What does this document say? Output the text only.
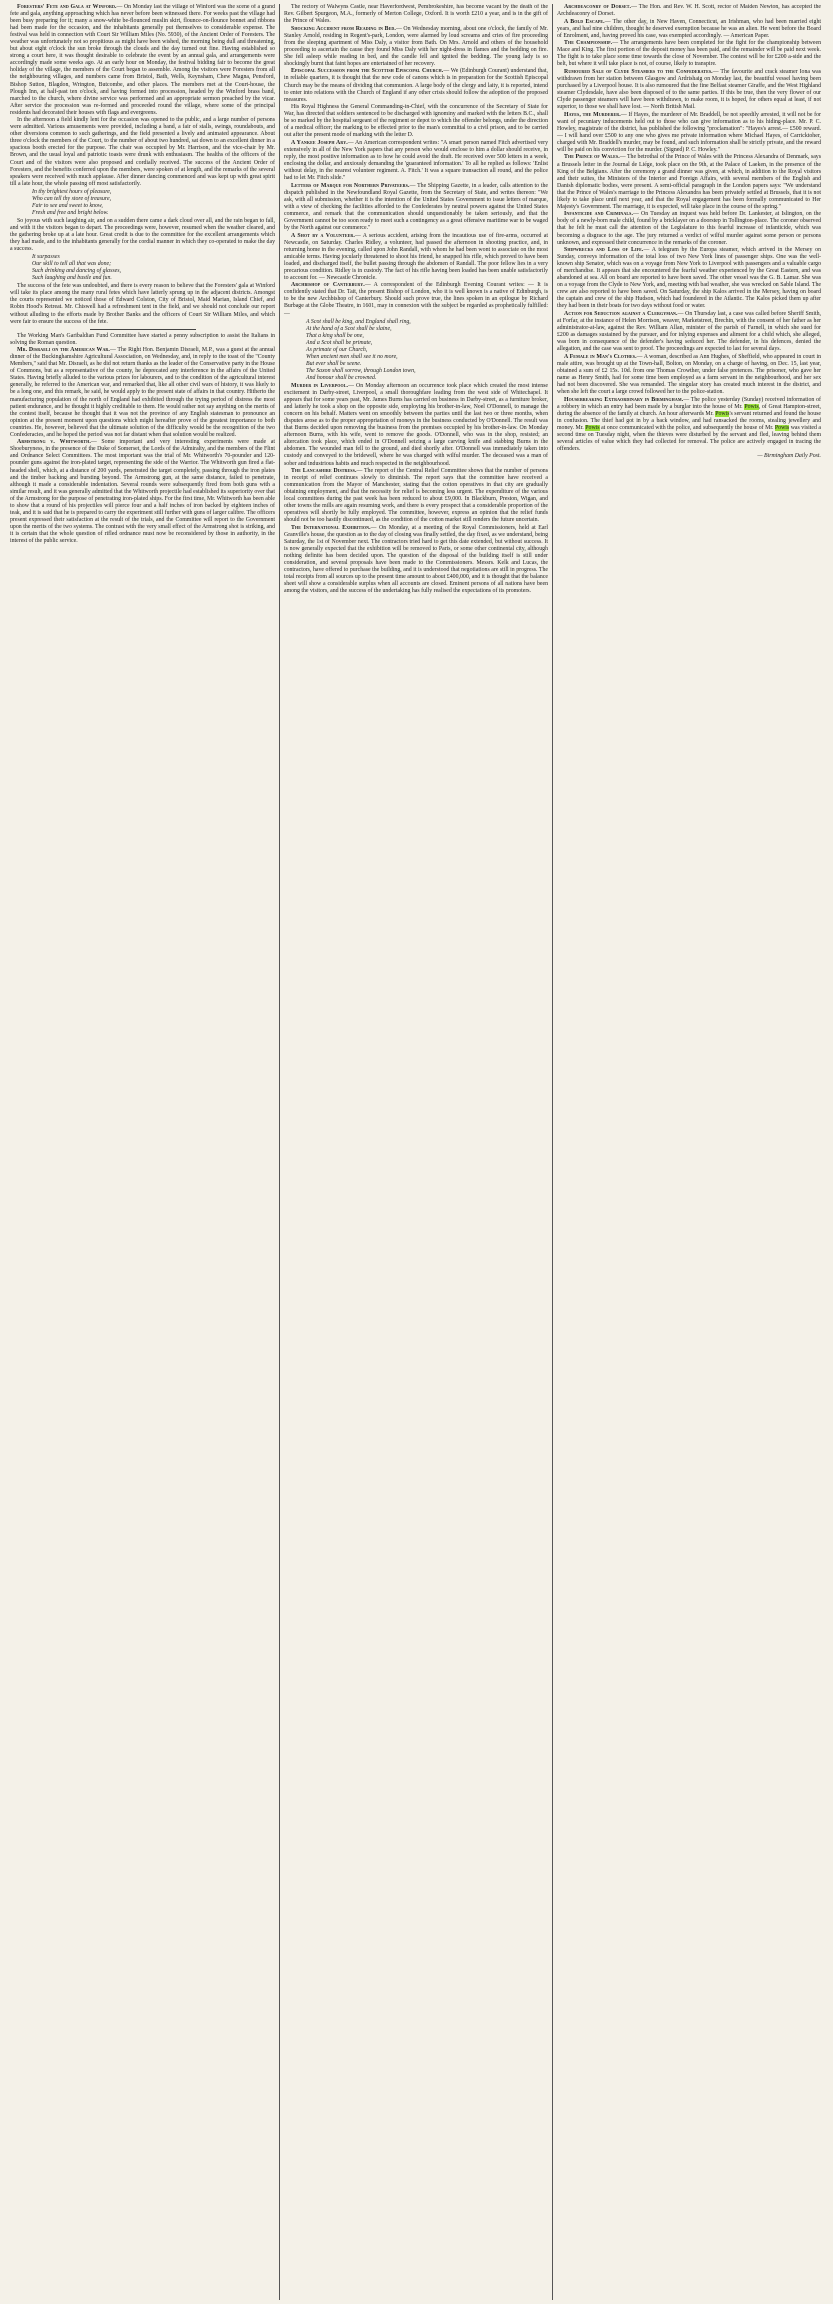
Foresters' Fete and Gala at Winford.— On Monday last the village of Winford was the scene of a grand fete and gala, anything approaching which has never before been witnessed there. For weeks past the village had been busy preparing for it; many a snow-white be-flounced muslin skirt, flounce-on-flounce bonnet and ribbons had been made for the occasion, and the inhabitants generally put themselves to considerable expense. The festival was held in connection with Court Sir William Miles (No. 5930), of the Ancient Order of Foresters. The weather was unfortunately not so propitious as might have been wished, the morning being dull and threatening, but about eight o'clock the sun broke through the clouds and the day turned out fine. Having established so strong a court here, it was thought desirable to celebrate the event by an annual gala, and arrangements were accordingly made some weeks ago. At an early hour on Monday, the festival bidding fair to become the great holiday of the village, the members of the Court began to assemble. Among the visitors were Foresters from all the neighbouring villages, and numbers came from Bristol, Bath, Wells, Keynsham, Chew Magna, Pensford, Bishop Sutton, Blagdon, Wrington, Butcombe, and other places. The members met at the Court-house, the Plough Inn, at half-past ten o'clock, and having formed into procession, headed by the Winford brass band, marched to the church, where divine service was performed and an appropriate sermon preached by the vicar. After service the procession was re-formed and proceeded round the village, where some of the principal residents had decorated their houses with flags and evergreens.

In the afternoon a field kindly lent for the occasion was opened to the public, and a large number of persons were admitted. Various amusements were provided, including a band, a fair of stalls, swings, roundabouts, and other diversions common to such gatherings, and the field presented a lively and animated appearance. About three o'clock the members of the Court, to the number of about two hundred, sat down to an excellent dinner in a spacious booth erected for the purpose. The chair was occupied by Mr. Harrison, and the vice-chair by Mr. Brown, and the usual loyal and patriotic toasts were drunk with enthusiasm. The healths of the officers of the Court and of the visitors were also proposed and cordially received. The success of the Ancient Order of Foresters, and the benefits conferred upon the members, were spoken of at length, and the remarks of the several speakers were received with much applause. After dinner dancing commenced and was kept up with great spirit till a late hour, the whole passing off most satisfactorily.

In thy brightest hours of pleasure,
Who can tell thy store of treasure,
Fair to see and sweet to know,
Fresh and free and bright below.

So joyous with such laughing air, and on a sudden there came a dark cloud over all, and the rain began to fall, and with it the visitors began to depart. The proceedings were, however, resumed when the weather cleared, and the gathering broke up at a late hour. Great credit is due to the committee for the excellent arrangements which they had made, and to the inhabitants generally for the cordial manner in which they co-operated to make the day a success.

It surpasses
Our skill to tell all that was done;
Such drinking and dancing of glasses,
Such laughing and bustle and fun.

The success of the fete was undoubted, and there is every reason to believe that the Foresters' gala at Winford will take its place among the many rural fetes which have latterly sprung up in the adjacent districts. Amongst the courts represented we noticed those of Edward Colston, City of Bristol, Maid Marian, Island Chief, and Robin Hood's Retreat. Mr. Chiswell had a refreshment tent in the field, and we should not conclude our report without alluding to the efforts made by Brother Banks and the officers of Court Sir William Miles, and which were fair to ensure the success of the fete.

The Working Man's Garibaldian Fund Committee have started a penny subscription to assist the Italians in solving the Roman question.

Mr. Disraeli on the American War.— The Right Hon. Benjamin Disraeli, M.P., was a guest at the annual dinner of the Buckinghamshire Agricultural Association, on Wednesday, and, in reply to the toast of the "County Members," said that Mr. Disraeli, as he did not return thanks as the leader of the Conservative party in the House of Commons, but as a representative of the county, he deprecated any interference in the affairs of the United States. Having briefly alluded to the various prizes for labourers, and to the condition of the agricultural interest generally, he referred to the American war, and remarked that, like all other civil wars of history, it was likely to be a long one, and this remark, he said, he would apply to the present state of affairs in that country. Hitherto the manufacturing population of the north of England had exhibited through the trying period of distress the most patient endurance, and he thought it highly creditable to them. He would rather not say anything on the merits of the contest itself, because he thought that it was not the province of any English statesman to pronounce an opinion at the present moment upon questions which might hereafter prove of the greatest importance to both countries. He, however, believed that the ultimate solution of the difficulty would be the recognition of the two Confederacies, and he hoped the period was not far distant when that solution would be realized.

Armstrong v. Whitworth.— Some important and very interesting experiments were made at Shoeburyness, in the presence of the Duke of Somerset, the Lords of the Admiralty, and the members of the Flint and Ordnance Select Committees. The most important was the trial of Mr. Whitworth's 70-pounder and 120-pounder guns against the iron-plated target, representing the side of the Warrior. The Whitworth gun fired a flat-headed shell, which, at a distance of 200 yards, penetrated the target completely, passing through the iron plates and the timber backing and bursting beyond. The Armstrong gun, at the same distance, failed to penetrate, although it made a considerable indentation. Several rounds were subsequently fired from both guns with a similar result, and it was generally admitted that the Whitworth projectile had established its superiority over that of the Armstrong for the purpose of penetrating iron-plated ships. For the first time, Mr. Whitworth has been able to show that a round of his projectiles will pierce four and a half inches of iron backed by eighteen inches of teak, and it is said that he is prepared to carry the experiment still further with guns of larger calibre. The officers present expressed their satisfaction at the result of the trials, and the Committee will report to the Government upon the merits of the two systems. The contrast with the very small effect of the Armstrong shot is striking, and it is certain that the whole question of rifled ordnance must now be reconsidered by those in authority, in the interest of the public service.

The rectory of Walwyns Castle, near Haverfordwest, Pembrokeshire, has become vacant by the death of the Rev. Gilbert Spurgeon, M.A., formerly of Merton College, Oxford. It is worth £210 a year, and is in the gift of the Prince of Wales.

Shocking Accident from Reading in Bed.— On Wednesday morning, about one o'clock, the family of Mr. Stanley Arnold, residing in Regent's-park, London, were alarmed by loud screams and cries of fire proceeding from the sleeping apartment of Miss Daly, a visitor from Bath. On Mrs. Arnold and others of the household proceeding to ascertain the cause they found Miss Daly with her night-dress in flames and the bedding on fire. She fell asleep while reading in bed, and the candle fell and ignited the bedding. The young lady is so shockingly burnt that faint hopes are entertained of her recovery.

Episcopal Succession from the Scottish Episcopal Church.— We (Edinburgh Courant) understand that, in reliable quarters, it is thought that the new code of canons which is in preparation for the Scottish Episcopal Church may be the means of dividing that communion. A large body of the clergy and laity, it is reported, intend to enter into relations with the Church of England if any other crisis should follow the adoption of the proposed measures.

His Royal Highness the General Commanding-in-Chief, with the concurrence of the Secretary of State for War, has directed that soldiers sentenced to be discharged with ignominy and marked with the letters B.C., shall be so marked by the hospital sergeant of the regiment or depot to which the offender belongs, under the direction of a medical officer; the marking to be effected prior to the man's committal to a civil prison, and to be carried out after the present mode of marking with the letter D.

A Yankee Joseph Ary.— An American correspondent writes: "A smart person named Fitch advertised very extensively in all of the New York papers that any person who would enclose to him a dollar should receive, in reply, the most positive information as to how he could avoid the draft. He received over 500 letters in a week, enclosing the dollar, and anxiously demanding the 'guaranteed information.' To all he replied as follows: 'Enlist without delay, in the nearest volunteer regiment. A. Fitch.' It was a square transaction all round, and the police had to let Mr. Fitch slide."

Letters of Marque for Northern Privateers.— The Shipping Gazette, in a leader, calls attention to the dispatch published in the Newfoundland Royal Gazette, from the Secretary of State, and writes thereon: "We ask, with all submission, whether it is the intention of the United States Government to issue letters of marque, with a view of checking the facilities afforded to the Confederates by neutral powers against the United States commerce, and remark that the communication should unquestionably be taken seriously, and that the Government cannot be too soon ready to meet such a contingency as a great offensive maritime war to be waged by the North against our commerce."

A Shot by a Volunteer.— A serious accident, arising from the incautious use of fire-arms, occurred at Newcastle, on Saturday. Charles Ridley, a volunteer, had passed the afternoon in shooting practice, and, in returning home in the evening, called upon John Randall, with whom he had been wont to associate on the most amicable terms. Having jocularly threatened to shoot his friend, he snapped his rifle, which proved to have been loaded, and discharged itself, the bullet passing through the abdomen of Randall. The poor fellow lies in a very precarious condition. Ridley is in custody. The fact of his rifle having been loaded has been unable satisfactorily to account for. — Newcastle Chronicle.

Archbishop of Canterbury.— A correspondent of the Edinburgh Evening Courant writes: — It is confidently stated that Dr. Tait, the present Bishop of London, who it is well known is a native of Edinburgh, is to be the new Archbishop of Canterbury. Should such prove true, the lines spoken in an epilogue by Richard Burbage at the Globe Theatre, in 1601, may in connexion with the subject be regarded as prophetically fulfilled: —

A Scot shall be king, and England shall ring,
At the hand of a Scot shall be slaine,
That a king shall be one,
And a Scot shall be primate,
As primate of our Church,
When ancient men shall see it no more,
But ever shall be seene.
The Saxon shall sorrow, through London town,
And honour shall be crowned.

Murder in Liverpool.— On Monday afternoon an occurrence took place which created the most intense excitement in Darby-street, Liverpool, a small thoroughfare leading from the west side of Whitechapel. It appears that for some years past, Mr. James Burns has carried on business in Darby-street, as a furniture broker, and latterly he took a shop on the opposite side, employing his brother-in-law, Noel O'Donnell, to manage the concern on his behalf. Matters went on smoothly between the parties until the last two or three months, when disputes arose as to the proper appropriation of moneys in the business conducted by O'Donnell. The result was that Burns decided upon removing the business from the premises occupied by his brother-in-law. On Monday afternoon Burns, with his wife, went to remove the goods. O'Donnell, who was in the shop, resisted; an altercation took place, which ended in O'Donnell seizing a large carving knife and stabbing Burns in the abdomen. The wounded man fell to the ground, and died shortly after. O'Donnell was immediately taken into custody and conveyed to the bridewell, where he was charged with wilful murder. The deceased was a man of sober and industrious habits and much respected in the neighbourhood.

The Lancashire Distress.— The report of the Central Relief Committee shows that the number of persons in receipt of relief continues slowly to diminish. The report says that the committee have received a communication from the Mayor of Manchester, stating that the cotton operatives in that city are gradually obtaining employment, and that the necessity for relief is becoming less urgent. The expenditure of the various local committees during the past week has been reduced to about £9,000. In Blackburn, Preston, Wigan, and other towns the mills are again resuming work, and there is every prospect that a considerable proportion of the operatives will shortly be fully employed. The committee, however, express an opinion that the relief funds should not be too hastily discontinued, as the condition of the cotton market still renders the future uncertain.

The International Exhibition.— On Monday, at a meeting of the Royal Commissioners, held at Earl Granville's house, the question as to the day of closing was finally settled, the day fixed, as we understand, being Saturday, the 1st of November next. The contractors tried hard to get this date extended, but without success. It is now generally expected that the exhibition will be removed to Paris, or some other continental city, although nothing definite has been decided upon. The question of the disposal of the building itself is still under consideration, and several proposals have been made to the Commissioners. Messrs. Kelk and Lucas, the contractors, have offered to purchase the building, and it is understood that negotiations are still in progress. The total receipts from all sources up to the present time amount to about £400,000, and it is thought that the balance sheet will show a considerable surplus when all accounts are closed. Eminent persons of all nations have been among the visitors, and the success of the undertaking has fully realised the expectations of its promoters.

Archdeaconry of Dorset.— The Hon. and Rev. W. H. Scott, rector of Maiden Newton, has accepted the Archdeaconry of Dorset.

A Bold Escape.— The other day, in New Haven, Connecticut, an Irishman, who had been married eight years, and had nine children, thought he deserved exemption because he was an alien. He went before the Board of Enrolment, and, having proved his case, was exempted accordingly. — American Paper.

The Championship.— The arrangements have been completed for the fight for the championship between Mace and King. The first portion of the deposit money has been paid, and the remainder will be paid next week. The fight is to take place some time towards the close of November. The contest will be for £200 a-side and the belt, but where it will take place is not, of course, likely to transpire.

Rumoured Sale of Clyde Steamers to the Confederates.— The favourite and crack steamer Iona was withdrawn from her station between Glasgow and Ardrishaig on Monday last, the beautiful vessel having been purchased by a Liverpool house. It is also rumoured that the fine Belfast steamer Giraffe, and the West Highland steamer Clydesdale, have also been disposed of to the same parties. If this be true, then the very flower of our Clyde passenger steamers will have been withdrawn, to make room, it is hoped, for others equal at least, if not superior, to those we shall have lost. — North British Mail.

Hayes, the Murderer.— If Hayes, the murderer of Mr. Braddell, be not speedily arrested, it will not be for want of pecuniary inducements held out to those who can give information as to his hiding-place. Mr. P. C. Howley, magistrate of the district, has published the following "proclamation": "Hayes's arrest.— £500 reward.— I will hand over £500 to any one who gives me private information where Michael Hayes, of Carricktoher, charged with Mr. Braddell's murder, may be found, and such information shall be strictly private, and the reward will be paid on his conviction for the murder. (Signed) P. C. Howley."

The Prince of Wales.— The betrothal of the Prince of Wales with the Princess Alexandra of Denmark, says a Brussels letter in the Journal de Liége, took place on the 9th, at the Palace of Laeken, in the presence of the King of the Belgians. After the ceremony a grand dinner was given, at which, in addition to the Royal visitors and their suites, the Ministers of the Interior and Foreign Affairs, with several members of the English and Danish diplomatic bodies, were present. A semi-official paragraph in the London papers says: "We understand that the Prince of Wales's marriage to the Princess Alexandra has been privately settled at Brussels, that it is not likely to take place until next year, and that the Royal engagement has been formally communicated to Her Majesty's Government. The marriage, it is expected, will take place in the course of the spring."

Infanticide and Criminals.— On Tuesday an inquest was held before Dr. Lankester, at Islington, on the body of a newly-born male child, found by a bricklayer on a doorstep in Tollington-place. The coroner observed that he felt he must call the attention of the Legislature to this fearful increase of infanticide, which was becoming a disgrace to the age. The jury returned a verdict of wilful murder against some person or persons unknown, and expressed their concurrence in the remarks of the coroner.

Shipwrecks and Loss of Life.— A telegram by the Europa steamer, which arrived in the Mersey on Sunday, conveys information of the total loss of two New York lines of passenger ships. One was the well-known ship Senator, which was on a voyage from New York to Liverpool with passengers and a valuable cargo of merchandise. It appears that she encountered the fearful weather experienced by the Great Eastern, and was abandoned at sea. All on board are reported to have been saved. The other vessel was the G. B. Lamar. She was on a voyage from the Clyde to New York, and, meeting with bad weather, she was wrecked on Sable Island. The crew are also reported to have been saved. On Saturday, the ship Kalos arrived in the Mersey, having on board the captain and crew of the ship Hudson, which had foundered in the Atlantic. The Kalos picked them up after they had been in their boats for two days without food or water.

Action for Seduction against a Clergyman.— On Thursday last, a case was called before Sheriff Smith, at Forfar, at the instance of Helen Morrison, weaver, Marketstreet, Brechin, with the consent of her father as her administrator-at-law, against the Rev. William Allan, minister of the parish of Farnell, in which she sued for £200 as damages sustained by the pursuer, and for inlying expenses and aliment for a child which, she alleged, was born in consequence of the defender's having seduced her. The defender, in his defences, denied the allegation, and the case was sent to proof. The proceedings are expected to last for several days.

A Female in Man's Clothes.— A woman, described as Ann Hughes, of Sheffield, who appeared in court in male attire, was brought up at the Town-hall, Bolton, on Monday, on a charge of having, on Dec. 15, last year, obtained a sum of £2 15s. 10d. from one Thomas Crowther, under false pretences. The prisoner, who gave her name as Henry Smith, had for some time been employed as a farm servant in the neighbourhood, and her sex had not been discovered. She was remanded. The singular story has created much interest in the district, and when she left the court a large crowd followed her to the police-station.

Housebreaking Extraordinary in Birmingham.— The police yesterday (Sunday) received information of a robbery in which an entry had been made by a burglar into the house of Mr. Powis, of Great Hampton-street, during the absence of the family at church. An hour afterwards Mr. Powis's servant returned and found the house in confusion. The thief had got in by a back window, and had ransacked the rooms, stealing jewellery and money. Mr. Powis at once communicated with the police, and subsequently the house of Mr. Powis was visited a second time on Tuesday night, when the thieves were disturbed by the servant and fled, leaving behind them several articles of value which they had collected for removal. The police are actively engaged in tracing the offenders.

— Birmingham Daily Post.
